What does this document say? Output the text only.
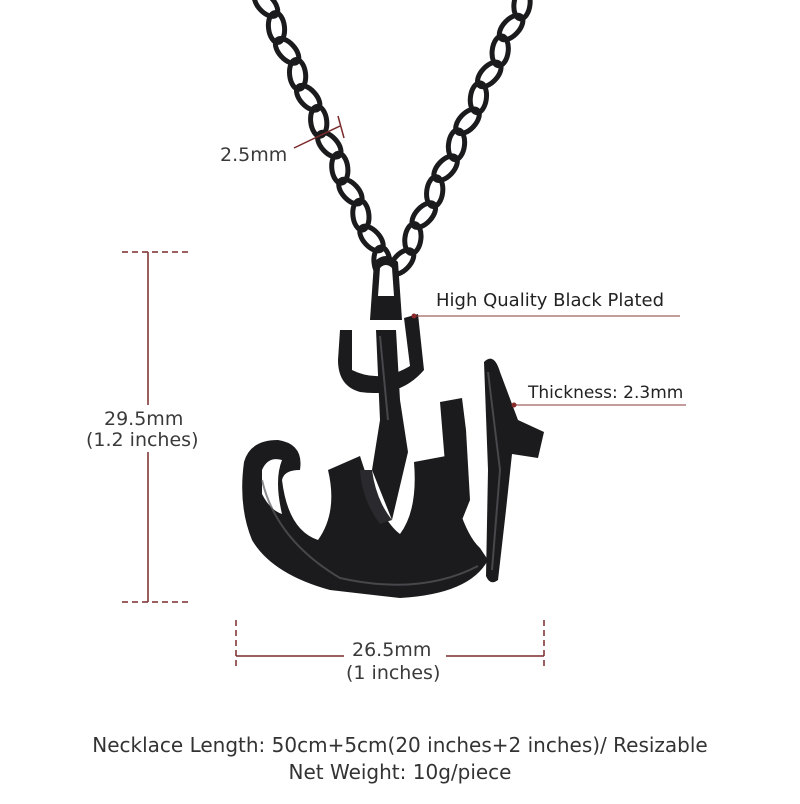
2.5mm
29.5mm
(1.2 inches)
26.5mm
(1 inches)
High Quality Black Plated
Thickness: 2.3mm
Necklace Length: 50cm+5cm(20 inches+2 inches)/ Resizable
Net Weight: 10g/piece
